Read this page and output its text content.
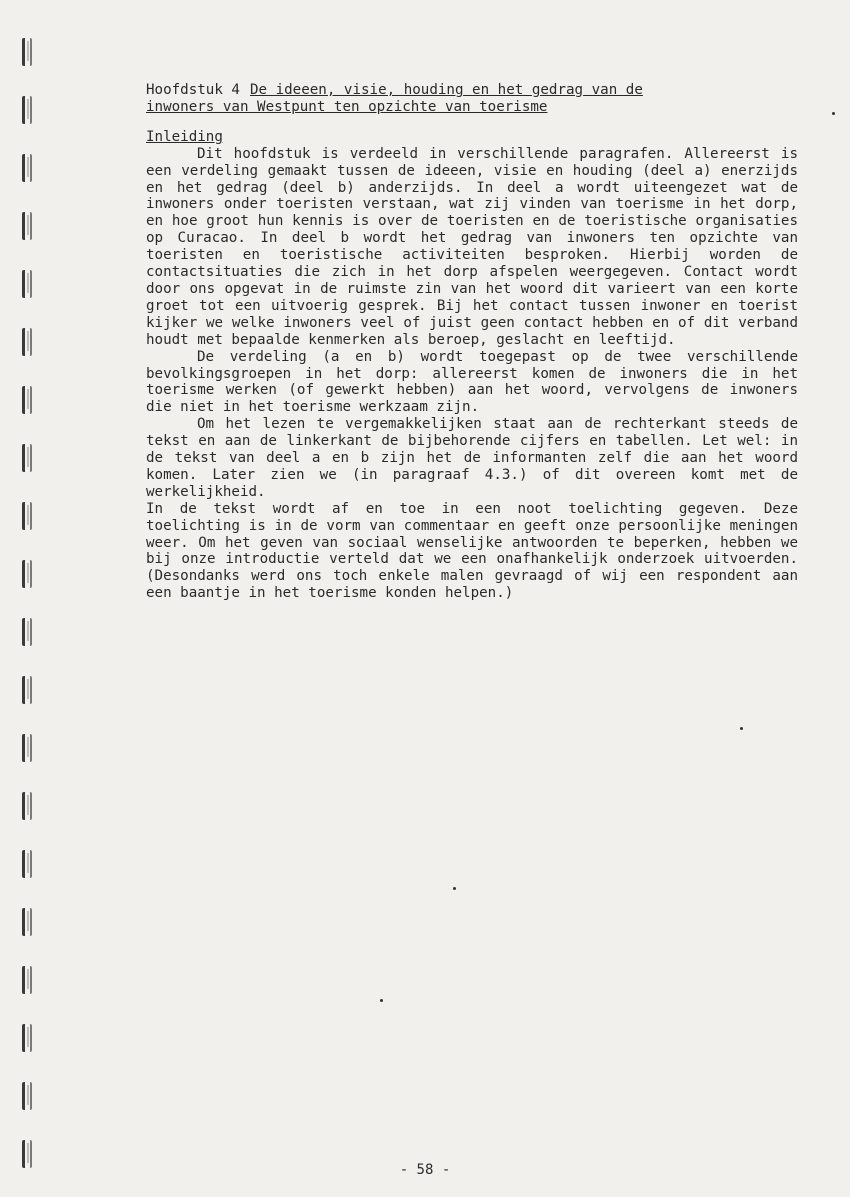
Hoofdstuk 4 De ideeen, visie, houding en het gedrag van de
inwoners van Westpunt ten opzichte van toerisme
Inleiding

Dit hoofdstuk is verdeeld in verschillende paragrafen. Allereerst is een verdeling gemaakt tussen de ideeen, visie en houding (deel a) enerzijds en het gedrag (deel b) anderzijds. In deel a wordt uiteengezet wat de inwoners onder toeristen verstaan, wat zij vinden van toerisme in het dorp, en hoe groot hun kennis is over de toeristen en de toeristische organisaties op Curacao. In deel b wordt het gedrag van inwoners ten opzichte van toeristen en toeristische activiteiten besproken. Hierbij worden de contactsituaties die zich in het dorp afspelen weergegeven. Contact wordt door ons opgevat in de ruimste zin van het woord dit varieert van een korte groet tot een uitvoerig gesprek. Bij het contact tussen inwoner en toerist kijker we welke inwoners veel of juist geen contact hebben en of dit verband houdt met bepaalde kenmerken als beroep, geslacht en leeftijd.

De verdeling (a en b) wordt toegepast op de twee verschillende bevolkingsgroepen in het dorp: allereerst komen de inwoners die in het toerisme werken (of gewerkt hebben) aan het woord, vervolgens de inwoners die niet in het toerisme werkzaam zijn.

Om het lezen te vergemakkelijken staat aan de rechterkant steeds de tekst en aan de linkerkant de bijbehorende cijfers en tabellen. Let wel: in de tekst van deel a en b zijn het de informanten zelf die aan het woord komen. Later zien we (in paragraaf 4.3.) of dit overeen komt met de werkelijkheid.

In de tekst wordt af en toe in een noot toelichting gegeven. Deze toelichting is in de vorm van commentaar en geeft onze persoonlijke meningen weer. Om het geven van sociaal wenselijke antwoorden te beperken, hebben we bij onze introductie verteld dat we een onafhankelijk onderzoek uitvoerden. (Desondanks werd ons toch enkele malen gevraagd of wij een respondent aan een baantje in het toerisme konden helpen.)

- 58 -
